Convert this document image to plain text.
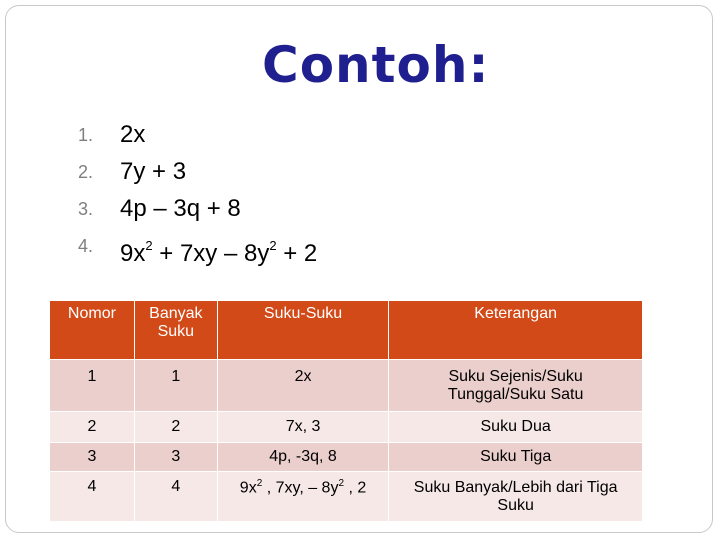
Contoh:
1. 2x
2. 7y + 3
3. 4p – 3q + 8
4. $9x^2 + 7xy - 8y^2 + 2$
Nomor	Banyak Suku	Suku-Suku	Keterangan
1	1	2x	Suku Sejenis/Suku Tunggal/Suku Satu
2	2	7x, 3	Suku Dua
3	3	4p, -3q, 8	Suku Tiga
4	4	$9x^2$ , 7xy, – $8y^2$ , 2	Suku Banyak/Lebih dari Tiga Suku
